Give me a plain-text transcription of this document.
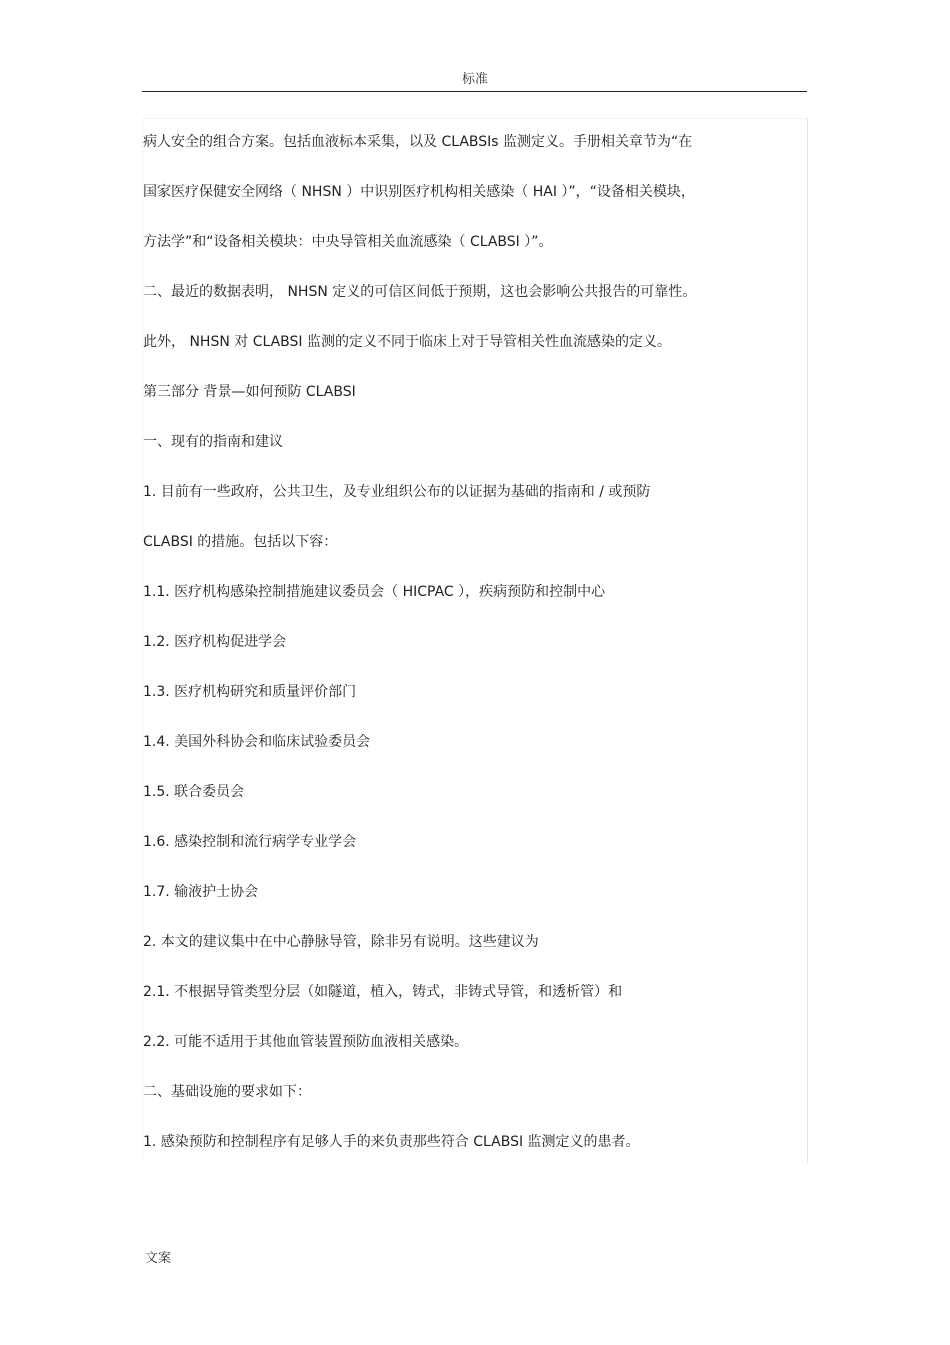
标准
病人安全的组合方案。包括血液标本采集，以及 CLABSIs 监测定义。手册相关章节为“在
国家医疗保健安全网络（ NHSN ）中识别医疗机构相关感染（ HAI ）”，“设备相关模块，
方法学”和“设备相关模块：中央导管相关血流感染（ CLABSI ）”。
二、最近的数据表明， NHSN 定义的可信区间低于预期，这也会影响公共报告的可靠性。
此外， NHSN 对 CLABSI 监测的定义不同于临床上对于导管相关性血流感染的定义。
第三部分 背景—如何预防 CLABSI
一、现有的指南和建议
1. 目前有一些政府，公共卫生，及专业组织公布的以证据为基础的指南和 / 或预防
CLABSI 的措施。包括以下容：
1.1. 医疗机构感染控制措施建议委员会（ HICPAC ），疾病预防和控制中心
1.2. 医疗机构促进学会
1.3. 医疗机构研究和质量评价部门
1.4. 美国外科协会和临床试验委员会
1.5. 联合委员会
1.6. 感染控制和流行病学专业学会
1.7. 输液护士协会
2. 本文的建议集中在中心静脉导管，除非另有说明。这些建议为
2.1. 不根据导管类型分层（如隧道，植入，铸式，非铸式导管，和透析管）和
2.2. 可能不适用于其他血管装置预防血液相关感染。
二、基础设施的要求如下：
1. 感染预防和控制程序有足够人手的来负责那些符合 CLABSI 监测定义的患者。
文案
